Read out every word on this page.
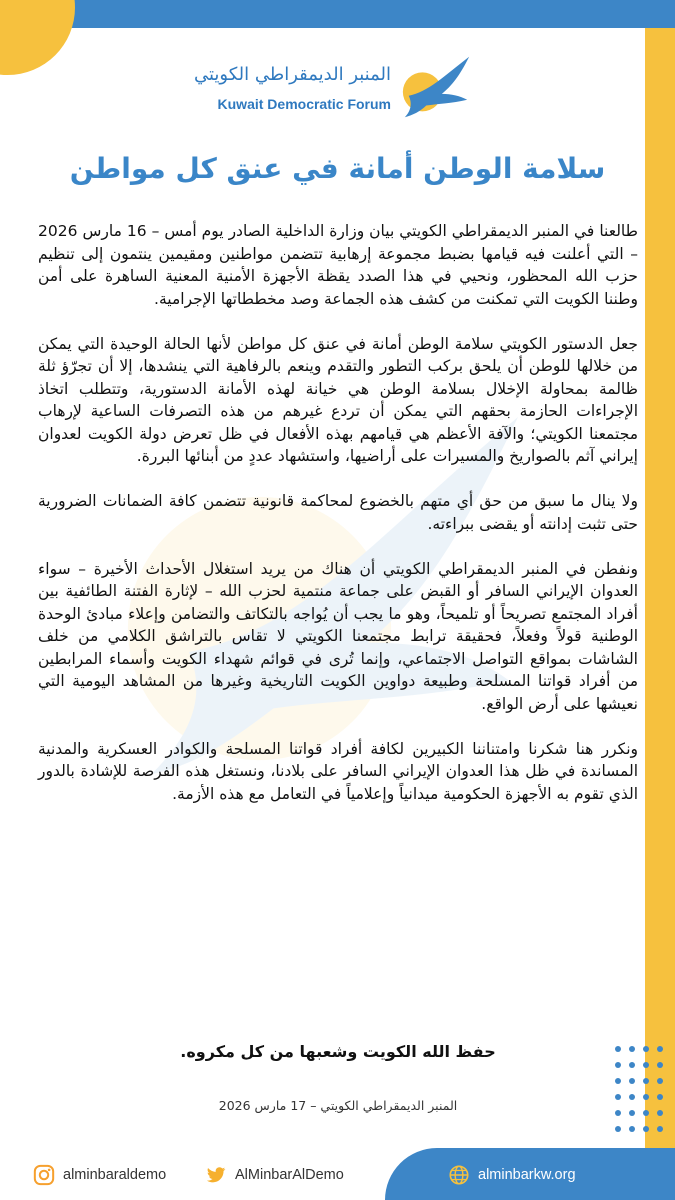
المنبر الديمقراطي الكويتي
Kuwait Democratic Forum
سلامة الوطن أمانة في عنق كل مواطن

طالعنا في المنبر الديمقراطي الكويتي بيان وزارة الداخلية الصادر يوم أمس – 16 مارس 2026 – التي أعلنت فيه قيامها بضبط مجموعة إرهابية تتضمن مواطنين ومقيمين ينتمون إلى تنظيم حزب الله المحظور، ونحيي في هذا الصدد يقظة الأجهزة الأمنية المعنية الساهرة على أمن وطننا الكويت التي تمكنت من كشف هذه الجماعة وصد مخططاتها الإجرامية.

جعل الدستور الكويتي سلامة الوطن أمانة في عنق كل مواطن لأنها الحالة الوحيدة التي يمكن من خلالها للوطن أن يلحق بركب التطور والتقدم وينعم بالرفاهية التي ينشدها، إلا أن تجرّؤ ثلة ظالمة بمحاولة الإخلال بسلامة الوطن هي خيانة لهذه الأمانة الدستورية، وتتطلب اتخاذ الإجراءات الحازمة بحقهم التي يمكن أن تردع غيرهم من هذه التصرفات الساعية لإرهاب مجتمعنا الكويتي؛ والآفة الأعظم هي قيامهم بهذه الأفعال في ظل تعرض دولة الكويت لعدوان إيراني آثم بالصواريخ والمسيرات على أراضيها، واستشهاد عددٍ من أبنائها البررة.

ولا ينال ما سبق من حق أي متهم بالخضوع لمحاكمة قانونية تتضمن كافة الضمانات الضرورية حتى تثبت إدانته أو يقضى ببراءته.

ونفطن في المنبر الديمقراطي الكويتي أن هناك من يريد استغلال الأحداث الأخيرة – سواء العدوان الإيراني السافر أو القبض على جماعة منتمية لحزب الله – لإثارة الفتنة الطائفية بين أفراد المجتمع تصريحاً أو تلميحاً، وهو ما يجب أن يُواجه بالتكاتف والتضامن وإعلاء مبادئ الوحدة الوطنية قولاً وفعلاً، فحقيقة ترابط مجتمعنا الكويتي لا تقاس بالتراشق الكلامي من خلف الشاشات بمواقع التواصل الاجتماعي، وإنما تُرى في قوائم شهداء الكويت وأسماء المرابطين من أفراد قواتنا المسلحة وطبيعة دواوين الكويت التاريخية وغيرها من المشاهد اليومية التي نعيشها على أرض الواقع.

ونكرر هنا شكرنا وامتناننا الكبيرين لكافة أفراد قواتنا المسلحة والكوادر العسكرية والمدنية المساندة في ظل هذا العدوان الإيراني السافر على بلادنا، ونستغل هذه الفرصة للإشادة بالدور الذي تقوم به الأجهزة الحكومية ميدانياً وإعلامياً في التعامل مع هذه الأزمة.

حفظ الله الكويت وشعبها من كل مكروه.
المنبر الديمقراطي الكويتي – 17 مارس 2026
alminbaraldemo	AlMinbarAlDemo	alminbarkw.org
